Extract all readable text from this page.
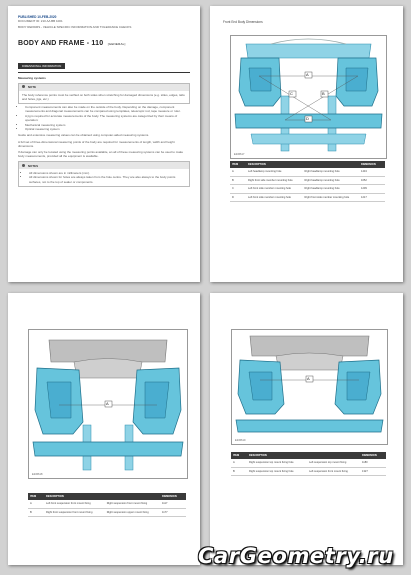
PUBLISHED 10-FEB-2020
DOCUMENT ID: 210 AA BB 1001
BODY REPAIRS - VEHICLE SPECIFIC INFORMATION AND TOLERANCE CHECKS
BODY AND FRAME - 110 [GENERAL]
DIMENSIONAL INFORMATION
Measuring systems
NOTE
The body reference points must be verified on both sides when stretching for damaged dimensions (e.g. stiles, edges, tabs and holes, jigs, etc.)
• Component measurements can also be made on the outside of the body. Depending on the damage, component measurements and diagonal measurements can be compared using templates, telescopic rod, tape measure or ruler.
• A jig is required for accurate measurements of the body. The measuring systems are categorized by their means of operation:
• Mechanical measuring system
• Optical measuring system
Guide and extensive measuring values can be obtained using computer-aided measuring systems.
A full set of three-dimensional measuring points of the body are required for measurements of length, width and height dimensions.
If damage can only be located using the measuring points available, an all of these measuring systems can be used to make body measurements, provided all the equipment is available.
NOTES
• All dimensions shown are in millimeters (mm).
• All dimensions shown for holes are always taken from the hole centre. They are also always to the body points surfaces, not to the top of sealer or components.
Front End Body Dimensions
A
B
C
D
E236617
ITEM	DESCRIPTION		DIMENSION
A	Left headlamp mounting hole	Right headlamp mounting hole	1434
B	Right front side member mounting hole	Right headlamp mounting hole	1052
C	Left front side member mounting hole	Right headlamp mounting hole	1209
D	Left front side member mounting hole	Right front side member mounting hole	1217
A
E236618
ITEM	DESCRIPTION		DIMENSION
A	Left front suspension front mount fixing	Right suspension front mount fixing	1117
B	Right front suspension front mount fixing	Right suspension upper mount fixing	1177
A
E236619
ITEM	DESCRIPTION		DIMENSION
A	Right suspension top mount fixing hole	Left suspension top mount fixing	1180
B	Right suspension top mount fixing hole	Left suspension front mount fixing	1327
CarGeometry.ru
